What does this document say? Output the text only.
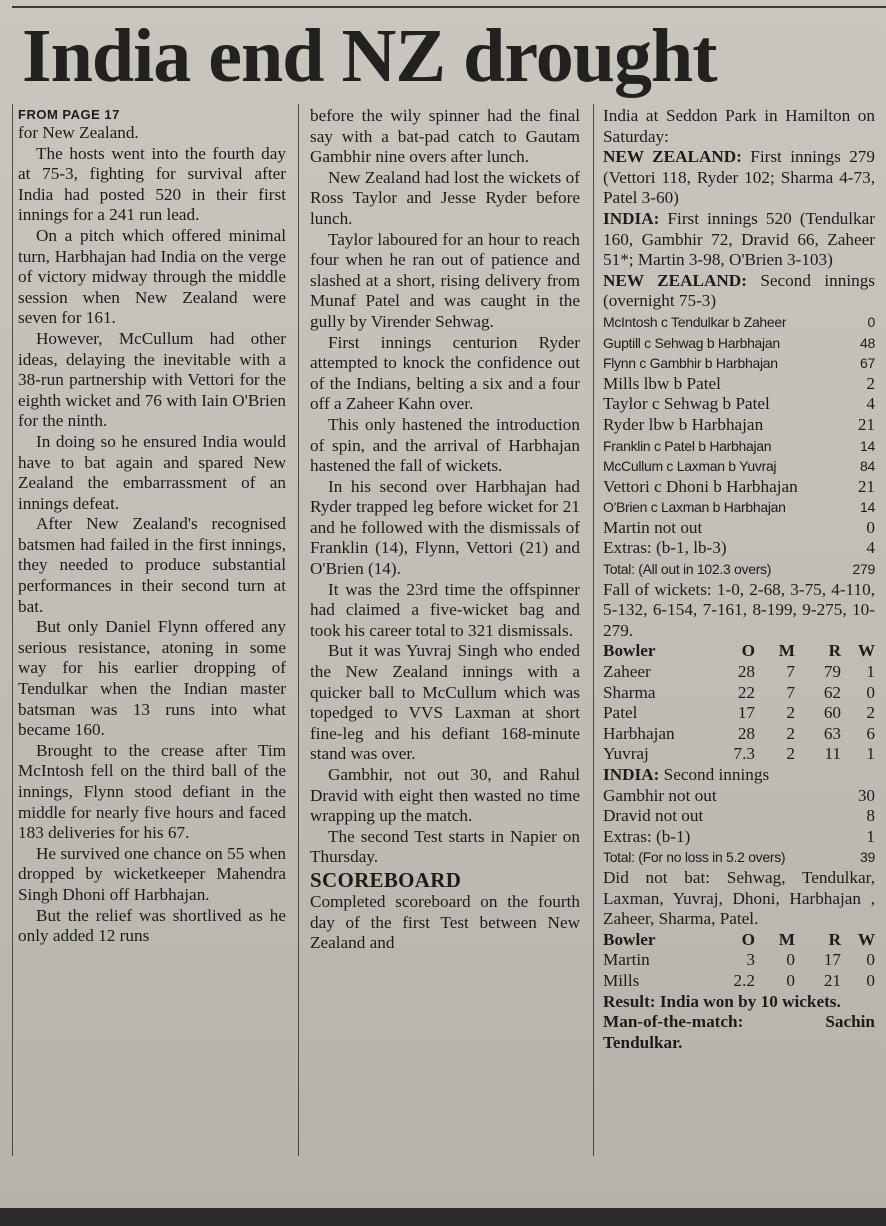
India end NZ drought
FROM PAGE 17

for New Zealand.

The hosts went into the fourth day at 75-3, fighting for survival after India had posted 520 in their first innings for a 241 run lead.

On a pitch which offered minimal turn, Harbhajan had India on the verge of victory midway through the middle session when New Zealand were seven for 161.

However, McCullum had other ideas, delaying the inevitable with a 38-run partnership with Vettori for the eighth wicket and 76 with Iain O'Brien for the ninth.

In doing so he ensured India would have to bat again and spared New Zealand the embarrassment of an innings defeat.

After New Zealand's recognised batsmen had failed in the first innings, they needed to produce substantial performances in their second turn at bat.

But only Daniel Flynn offered any serious resistance, atoning in some way for his earlier dropping of Tendulkar when the Indian master batsman was 13 runs into what became 160.

Brought to the crease after Tim McIntosh fell on the third ball of the innings, Flynn stood defiant in the middle for nearly five hours and faced 183 deliveries for his 67.

He survived one chance on 55 when dropped by wicketkeeper Mahendra Singh Dhoni off Harbhajan.

But the relief was shortlived as he only added 12 runs

before the wily spinner had the final say with a bat-pad catch to Gautam Gambhir nine overs after lunch.

New Zealand had lost the wickets of Ross Taylor and Jesse Ryder before lunch.

Taylor laboured for an hour to reach four when he ran out of patience and slashed at a short, rising delivery from Munaf Patel and was caught in the gully by Virender Sehwag.

First innings centurion Ryder attempted to knock the confidence out of the Indians, belting a six and a four off a Zaheer Kahn over.

This only hastened the introduction of spin, and the arrival of Harbhajan hastened the fall of wickets.

In his second over Harbhajan had Ryder trapped leg before wicket for 21 and he followed with the dismissals of Franklin (14), Flynn, Vettori (21) and O'Brien (14).

It was the 23rd time the offspinner had claimed a five-wicket bag and took his career total to 321 dismissals.

But it was Yuvraj Singh who ended the New Zealand innings with a quicker ball to McCullum which was topedged to VVS Laxman at short fine-leg and his defiant 168-minute stand was over.

Gambhir, not out 30, and Rahul Dravid with eight then wasted no time wrapping up the match.

The second Test starts in Napier on Thursday.

SCOREBOARD

Completed scoreboard on the fourth day of the first Test between New Zealand and

India at Seddon Park in Hamilton on Saturday:

NEW ZEALAND: First innings 279 (Vettori 118, Ryder 102; Sharma 4-73, Patel 3-60)

INDIA: First innings 520 (Tendulkar 160, Gambhir 72, Dravid 66, Zaheer 51*; Martin 3-98, O'Brien 3-103)

NEW ZEALAND: Second innings (overnight 75-3)

McIntosh c Tendulkar b Zaheer	0
Guptill c Sehwag b Harbhajan	48
Flynn c Gambhir b Harbhajan	67
Mills lbw b Patel	2
Taylor c Sehwag b Patel	4
Ryder lbw b Harbhajan	21
Franklin c Patel b Harbhajan	14
McCullum c Laxman b Yuvraj	84
Vettori c Dhoni b Harbhajan	21
O'Brien c Laxman b Harbhajan	14
Martin not out	0
Extras: (b-1, lb-3)	4
Total: (All out in 102.3 overs)	279

Fall of wickets: 1-0, 2-68, 3-75, 4-110, 5-132, 6-154, 7-161, 8-199, 9-275, 10-279.

Bowler	O	M	R W
Zaheer	28	7	79	1
Sharma	22	7	62	0
Patel	17	2	60	2
Harbhajan	28	2	63	6
Yuvraj	7.3	2	11	1

INDIA: Second innings

Gambhir not out	30
Dravid not out	8
Extras: (b-1)	1
Total: (For no loss in 5.2 overs)	39

Did not bat: Sehwag, Tendulkar, Laxman, Yuvraj, Dhoni, Harbhajan , Zaheer, Sharma, Patel.

Bowler	O	M	R W
Martin	3	0	17	0
Mills	2.2	0	21	0

Result: India won by 10 wickets.

Man-of-the-match: Sachin Tendulkar.
